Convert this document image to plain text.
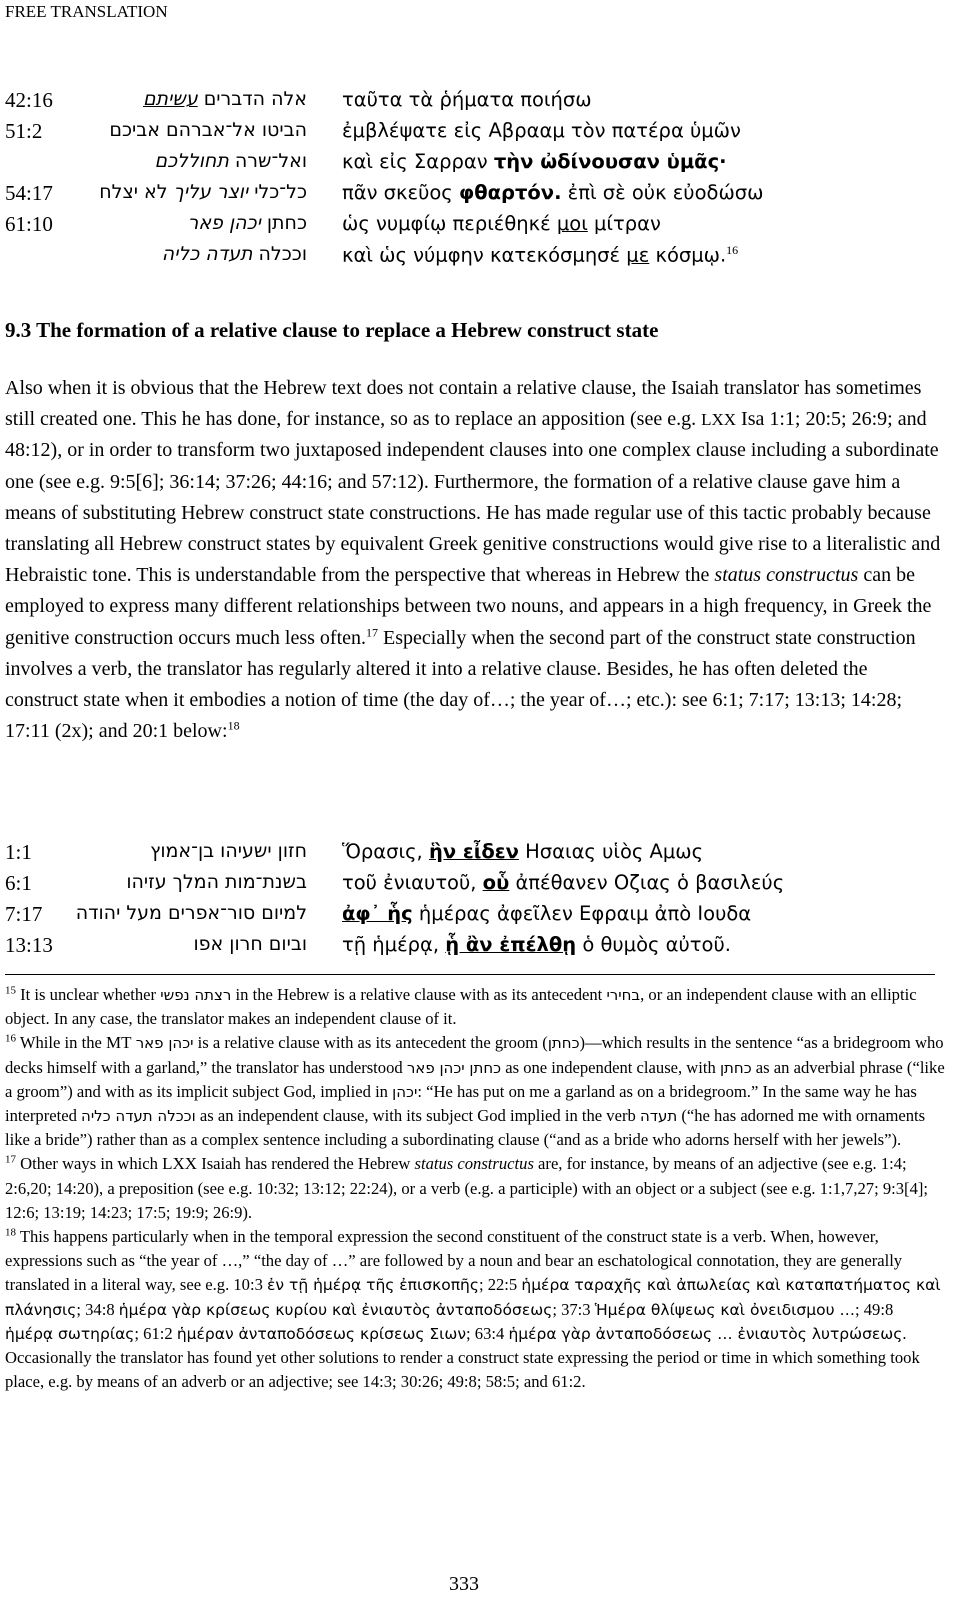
FREE TRANSLATION
42:16	אלה הדברים עשיתם	ταῦτα τὰ ῥήματα ποιήσω
51:2	הביטו אל־אברהם אביכם ἐμβλέψατε εἰς Αβρααμ τὸν πατέρα ὑμῶν
ואל־שרה תחוללכם	καὶ εἰς Σαρραν τὴν ὠδίνουσαν ὑμᾶς·
54:17	כל־כלי יוצר עליך לא יצלח	πᾶν σκεῦος φθαρτόν. ἐπὶ σὲ οὐκ εὐοδώσω
61:10	כחתן יכהן פאר	ὡς νυμφίῳ περιέθηκέ μοι μίτραν
וככלה תעדה כליה	καὶ ὡς νύμφην κατεκόσμησέ με κόσμῳ.$^{16}$
9.3 The formation of a relative clause to replace a Hebrew construct state
Also when it is obvious that the Hebrew text does not contain a relative clause, the Isaiah translator has sometimes still created one. This he has done, for instance, so as to replace an apposition (see e.g. LXX Isa 1:1; 20:5; 26:9; and 48:12), or in order to transform two juxtaposed independent clauses into one complex clause including a subordinate one (see e.g. 9:5[6]; 36:14; 37:26; 44:16; and 57:12). Furthermore, the formation of a relative clause gave him a means of substituting Hebrew construct state constructions. He has made regular use of this tactic probably because translating all Hebrew construct states by equivalent Greek genitive constructions would give rise to a literalistic and Hebraistic tone. This is understandable from the perspective that whereas in Hebrew the status constructus can be employed to express many different relationships between two nouns, and appears in a high frequency, in Greek the genitive construction occurs much less often.$^{17}$ Especially when the second part of the construct state construction involves a verb, the translator has regularly altered it into a relative clause. Besides, he has often deleted the construct state when it embodies a notion of time (the day of…; the year of…; etc.): see 6:1; 7:17; 13:13; 14:28; 17:11 (2x); and 20:1 below:$^{18}$
1:1	חזון ישעיהו בן־אמוץ Ὅρασις, ἣν εἶδεν Ησαιας υἱὸς Αμως
6:1	בשנת־מות המלך עזיהו τοῦ ἐνιαυτοῦ, οὗ ἀπέθανεν Οζιας ὁ βασιλεύς
7:17	למיום סור־אפרים מעל יהודה ἀφ᾽ ἧς ἡμέρας ἀφεῖλεν Εφραιμ ἀπὸ Ιουδα
13:13	וביום חרון אפו τῇ ἡμέρᾳ, ᾗ ἂν ἐπέλθῃ ὁ θυμὸς αὐτοῦ.
$^{15}$ It is unclear whether רצתה נפשי in the Hebrew is a relative clause with as its antecedent בחירי, or an independent clause with an elliptic object. In any case, the translator makes an independent clause of it.
$^{16}$ While in the MT יכהן פאר is a relative clause with as its antecedent the groom (כחתן)—which results in the sentence “as a bridegroom who decks himself with a garland,” the translator has understood כחתן יכהן פאר as one independent clause, with כחתן as an adverbial phrase (“like a groom”) and with as its implicit subject God, implied in יכהן: “He has put on me a garland as on a bridegroom.” In the same way he has interpreted וככלה תעדה כליה as an independent clause, with its subject God implied in the verb תעדה (“he has adorned me with ornaments like a bride”) rather than as a complex sentence including a subordinating clause (“and as a bride who adorns herself with her jewels”).
$^{17}$ Other ways in which LXX Isaiah has rendered the Hebrew status constructus are, for instance, by means of an adjective (see e.g. 1:4; 2:6,20; 14:20), a preposition (see e.g. 10:32; 13:12; 22:24), or a verb (e.g. a participle) with an object or a subject (see e.g. 1:1,7,27; 9:3[4]; 12:6; 13:19; 14:23; 17:5; 19:9; 26:9).
$^{18}$ This happens particularly when in the temporal expression the second constituent of the construct state is a verb. When, however, expressions such as “the year of …,” “the day of …” are followed by a noun and bear an eschatological connotation, they are generally translated in a literal way, see e.g. 10:3 ἐν τῇ ἡμέρᾳ τῆς ἐπισκοπῆς; 22:5 ἡμέρα ταραχῆς καὶ ἀπωλείας καὶ καταπατήματος καὶ πλάνησις; 34:8 ἡμέρα γὰρ κρίσεως κυρίου καὶ ἐνιαυτὸς ἀνταποδόσεως; 37:3 Ἡμέρα θλίψεως καὶ ὀνειδισμου …; 49:8 ἡμέρᾳ σωτηρίας; 61:2 ἡμέραν ἀνταποδόσεως κρίσεως Σιων; 63:4 ἡμέρα γὰρ ἀνταποδόσεως … ἐνιαυτὸς λυτρώσεως. Occasionally the translator has found yet other solutions to render a construct state expressing the period or time in which something took place, e.g. by means of an adverb or an adjective; see 14:3; 30:26; 49:8; 58:5; and 61:2.
333
